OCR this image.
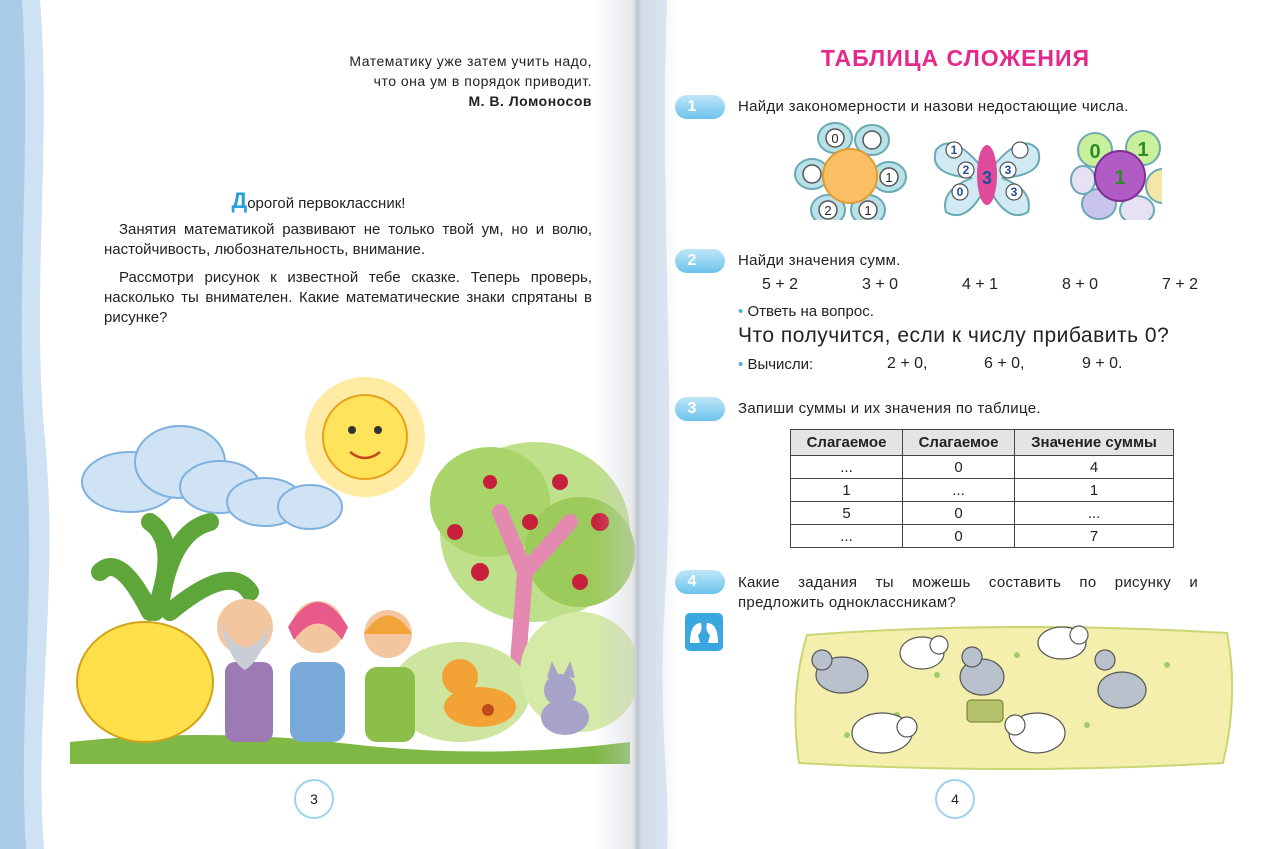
Математику уже затем учить надо,
что она ум в порядок приводит.
М. В. Ломоносов
Дорогой первоклассник!
Занятия математикой развивают не только твой ум, но и волю, настойчивость, любознательность, внимание.
Рассмотри рисунок к известной тебе сказке. Теперь проверь, насколько ты внимателен. Какие математические знаки спрятаны в рисунке?
3
ТАБЛИЦА СЛОЖЕНИЯ
1	Найди закономерности и назови недостающие числа.
0
1
1
2
1
2
0
3
3
3
0 1
1
2	Найди значения сумм.
5 + 2	3 + 0	4 + 1	8 + 0	7 + 2
• Ответь на вопрос.
Что получится, если к числу прибавить 0?
• Вычисли:	2 + 0,	6 + 0,	9 + 0.
3	Запиши суммы и их значения по таблице.
Слагаемое	Слагаемое	Значение суммы
...	0	4
1	...	1
5	0	...
...	0	7
4	Какие задания ты можешь составить по рисунку и
предложить одноклассникам?
4
